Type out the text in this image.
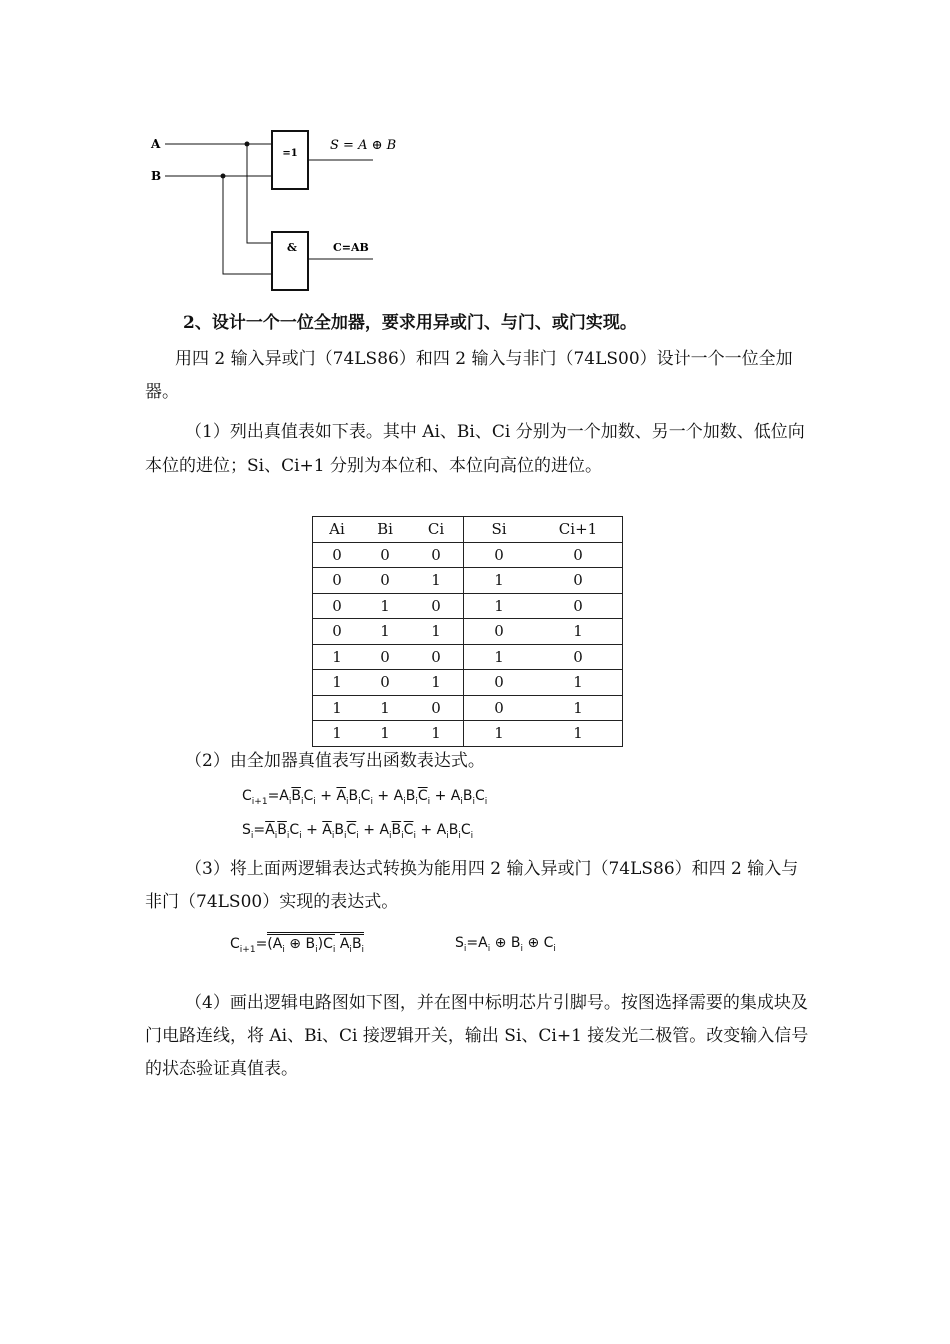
A
B
=1
S = A ⊕ B
&	C=AB
2、设计一个一位全加器，要求用异或门、与门、或门实现。
用四 2 输入异或门（74LS86）和四 2 输入与非门（74LS00）设计一个一位全加器。
（1）列出真值表如下表。其中 Ai、Bi、Ci 分别为一个加数、另一个加数、低位向本位的进位；Si、Ci+1 分别为本位和、本位向高位的进位。
Ai	Bi	Ci	Si	Ci+1
0	0	0	0	0
0	0	1	1	0
0	1	0	1	0
0	1	1	0	1
1	0	0	1	0
1	0	1	0	1
1	1	0	0	1
1	1	1	1	1
（2）由全加器真值表写出函数表达式。
$C_{i+1}=A_i\overline{B}_iC_i + \overline{A}_iB_iC_i + A_iB_i\overline{C}_i + A_iB_iC_i$
$S_i=\overline{A}_i\overline{B}_iC_i + \overline{A}_iB_i\overline{C}_i + A_i\overline{B}_i\overline{C}_i + A_iB_iC_i$
（3）将上面两逻辑表达式转换为能用四 2 输入异或门（74LS86）和四 2 输入与非门（74LS00）实现的表达式。
$C_{i+1}=(A_i$ ⊕ $B_i)C_i$ $A_iB_i$	$S_i=A_i$ ⊕ $B_i$ ⊕ $C_i$
（4）画出逻辑电路图如下图，并在图中标明芯片引脚号。按图选择需要的集成块及门电路连线，将 Ai、Bi、Ci 接逻辑开关，输出 Si、Ci+1 接发光二极管。改变输入信号的状态验证真值表。
